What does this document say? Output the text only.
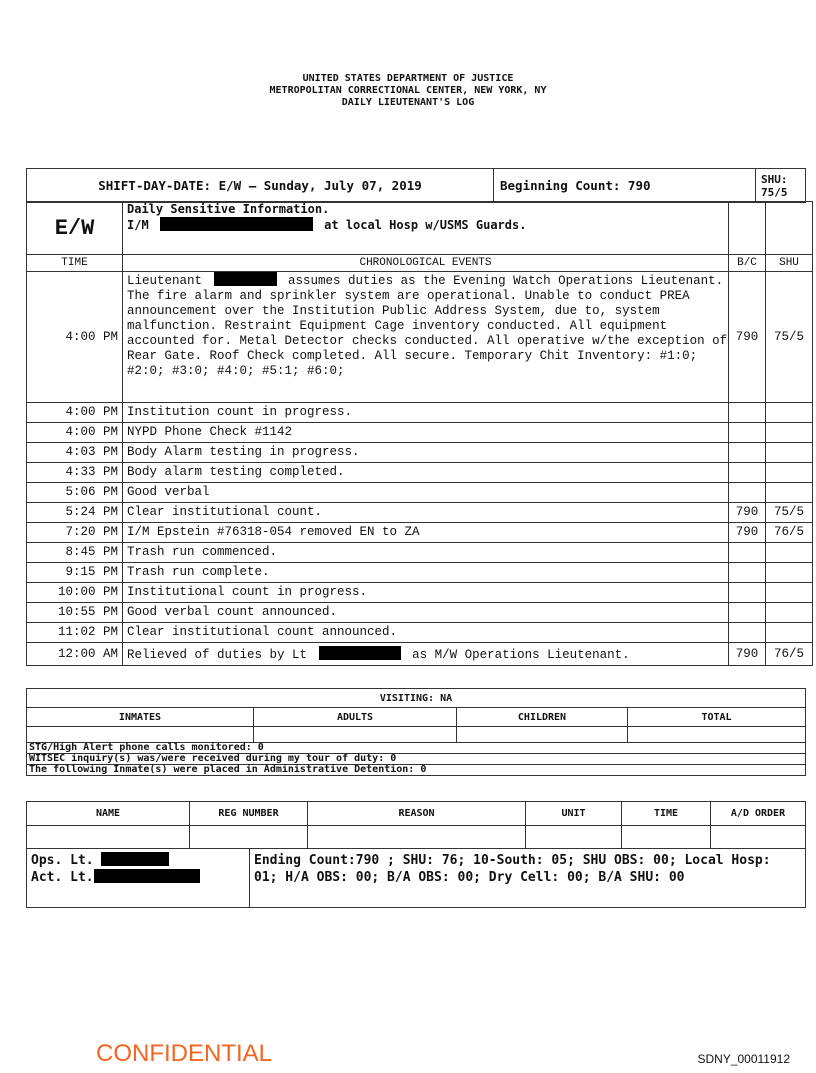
UNITED STATES DEPARTMENT OF JUSTICE
METROPOLITAN CORRECTIONAL CENTER, NEW YORK, NY
DAILY LIEUTENANT'S LOG
SHIFT-DAY-DATE: E/W – Sunday, July 07, 2019	Beginning Count: 790	SHU:
75/5
E/W	Daily Sensitive Information.
I/M at local Hosp w/USMS Guards.		

TIME	CHRONOLOGICAL EVENTS	B/C	SHU
4:00 PM	Lieutenant assumes duties as the Evening Watch Operations Lieutenant. The fire alarm and sprinkler system are operational. Unable to conduct PREA announcement over the Institution Public Address System, due to, system malfunction. Restraint Equipment Cage inventory conducted. All equipment accounted for. Metal Detector checks conducted. All operative w/the exception of Rear Gate. Roof Check completed. All secure. Temporary Chit Inventory: #1:0; #2:0; #3:0; #4:0; #5:1; #6:0;	790	75/5
4:00 PM	Institution count in progress.		
4:00 PM	NYPD Phone Check #1142		
4:03 PM	Body Alarm testing in progress.		
4:33 PM	Body alarm testing completed.		
5:06 PM	Good verbal		
5:24 PM	Clear institutional count.	790	75/5
7:20 PM	I/M Epstein #76318-054 removed EN to ZA	790	76/5
8:45 PM	Trash run commenced.		
9:15 PM	Trash run complete.		
10:00 PM	Institutional count in progress.		
10:55 PM	Good verbal count announced.		
11:02 PM	Clear institutional count announced.		
12:00 AM	Relieved of duties by Lt as M/W Operations Lieutenant.	790	76/5
VISITING: NA			
INMATES	ADULTS	CHILDREN	TOTAL

STG/High Alert phone calls monitored: 0			
WITSEC inquiry(s) was/were received during my tour of duty: 0			
The following Inmate(s) were placed in Administrative Detention: 0			
NAME	REG NUMBER	REASON	UNIT	TIME	A/D ORDER

Ops. Lt.
Act. Lt.
	Ending Count:790 ; SHU: 76; 10-South: 05; SHU OBS: 00; Local Hosp: 01; H/A OBS: 00; B/A OBS: 00; Dry Cell: 00; B/A SHU: 00
CONFIDENTIAL	SDNY_00011912
